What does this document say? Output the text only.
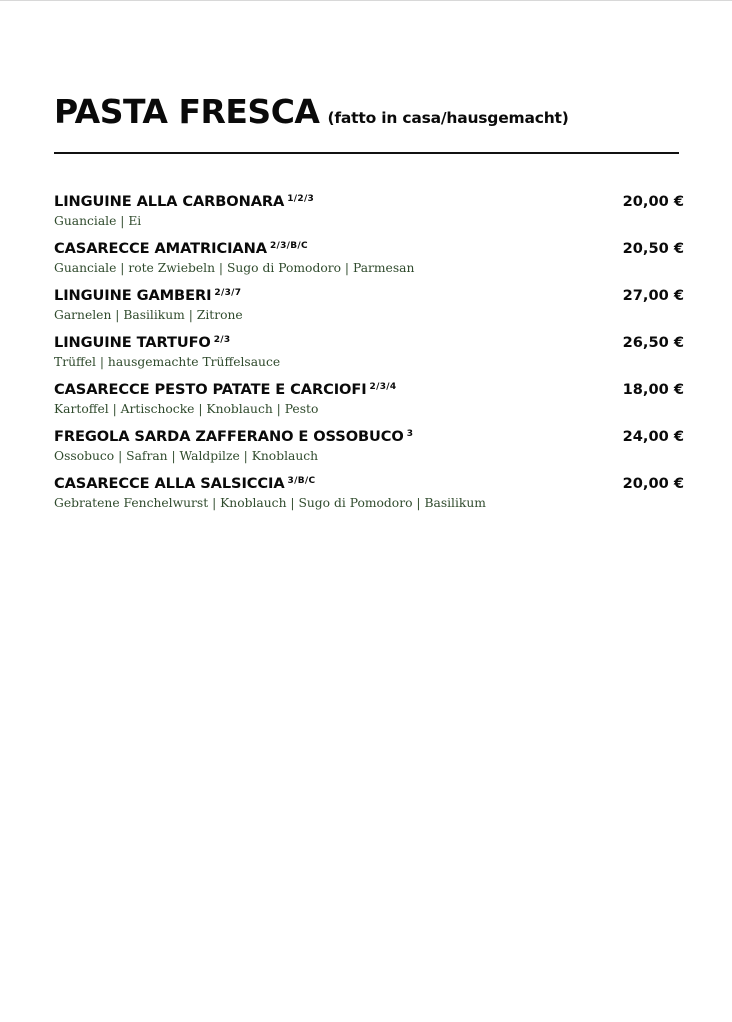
PASTA FRESCA (fatto in casa/hausgemacht)
LINGUINE ALLA CARBONARA $^{1/2/3}$	20,00 €
Guanciale | Ei
CASARECCE AMATRICIANA $^{2/3/B/C}$	20,50 €
Guanciale | rote Zwiebeln | Sugo di Pomodoro | Parmesan
LINGUINE GAMBERI $^{2/3/7}$	27,00 €
Garnelen | Basilikum | Zitrone
LINGUINE TARTUFO $^{2/3}$	26,50 €
Trüffel | hausgemachte Trüffelsauce
CASARECCE PESTO PATATE E CARCIOFI $^{2/3/4}$	18,00 €
Kartoffel | Artischocke | Knoblauch | Pesto
FREGOLA SARDA ZAFFERANO E OSSOBUCO $^3$	24,00 €
Ossobuco | Safran | Waldpilze | Knoblauch
CASARECCE ALLA SALSICCIA $^{3/B/C}$	20,00 €
Gebratene Fenchelwurst | Knoblauch | Sugo di Pomodoro | Basilikum
